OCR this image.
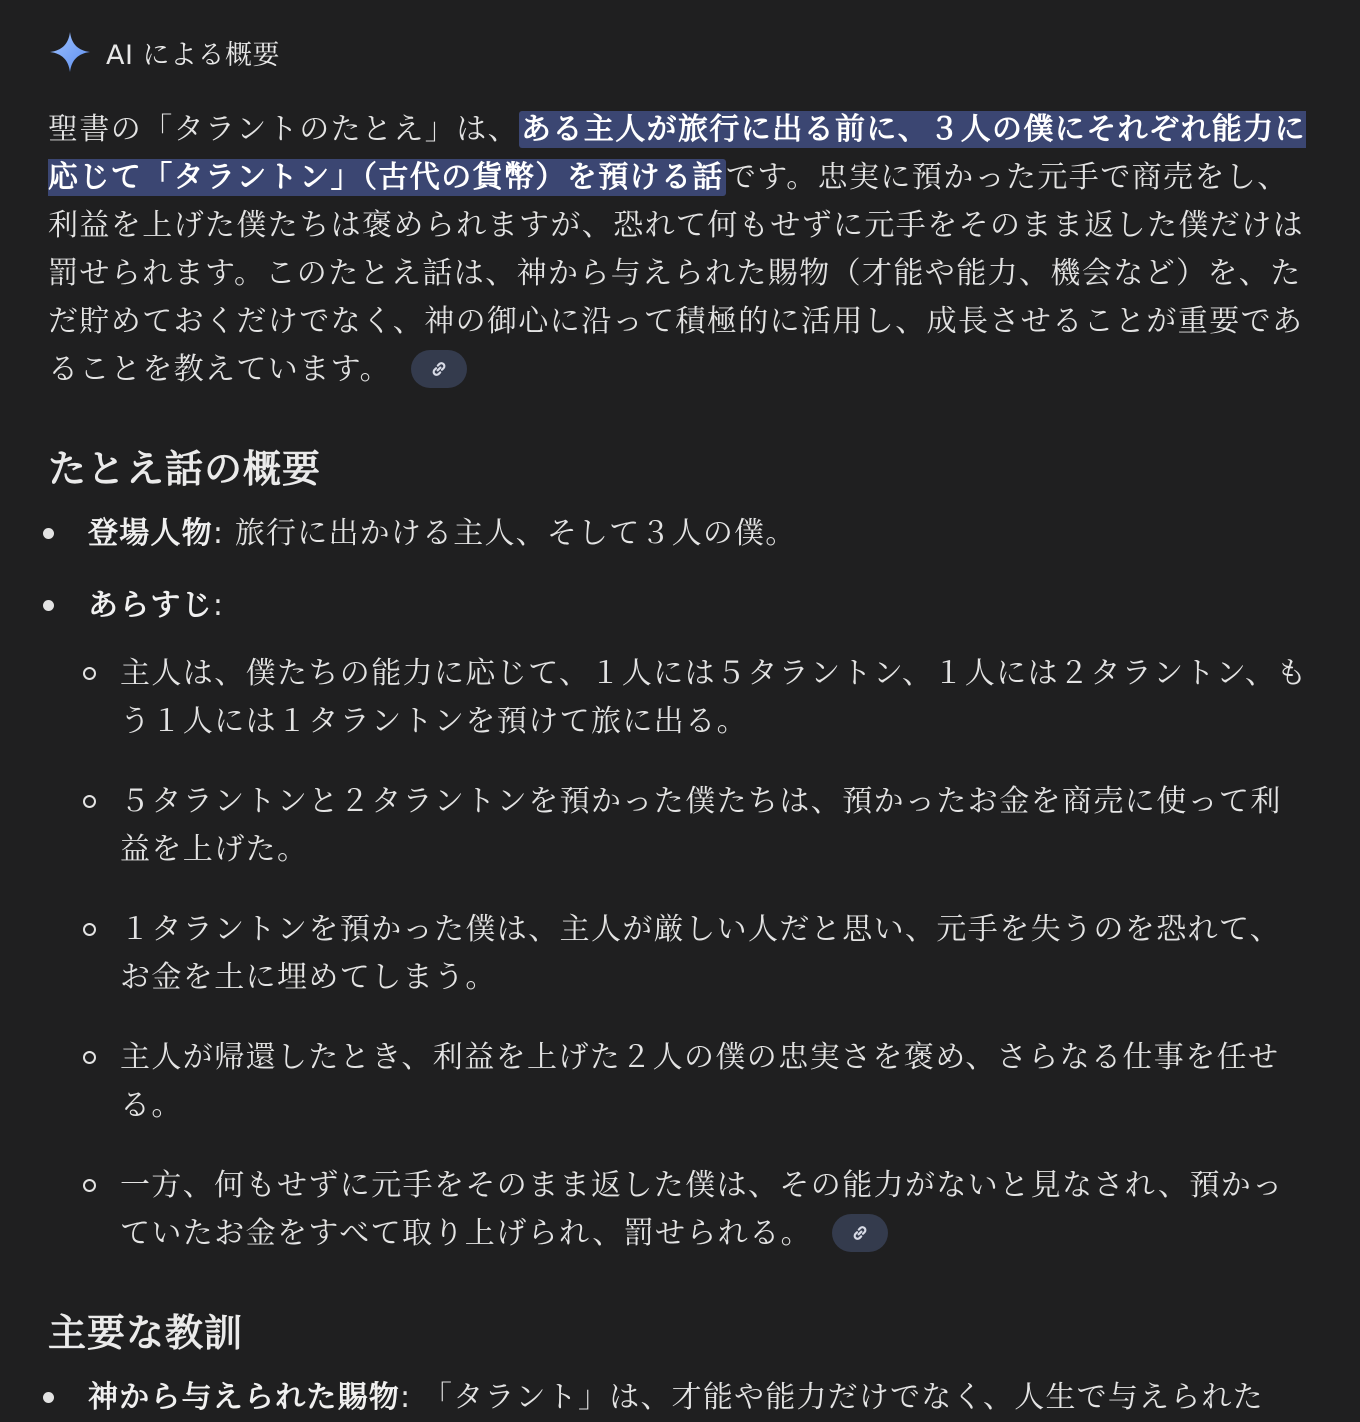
AI による概要

聖書の「タラントのたとえ」は、ある主人が旅行に出る前に、３人の僕にそれぞれ能力に応じて「タラントン」（古代の貨幣）を預ける話です。忠実に預かった元手で商売をし、利益を上げた僕たちは褒められますが、恐れて何もせずに元手をそのまま返した僕だけは罰せられます。このたとえ話は、神から与えられた賜物（才能や能力、機会など）を、ただ貯めておくだけでなく、神の御心に沿って積極的に活用し、成長させることが重要であることを教えています。

たとえ話の概要
登場人物: 旅行に出かける主人、そして３人の僕。
あらすじ:
主人は、僕たちの能力に応じて、１人には５タラントン、１人には２タラントン、もう１人には１タラントンを預けて旅に出る。
５タラントンと２タラントンを預かった僕たちは、預かったお金を商売に使って利益を上げた。
１タラントンを預かった僕は、主人が厳しい人だと思い、元手を失うのを恐れて、お金を土に埋めてしまう。
主人が帰還したとき、利益を上げた２人の僕の忠実さを褒め、さらなる仕事を任せる。
一方、何もせずに元手をそのまま返した僕は、その能力がないと見なされ、預かっていたお金をすべて取り上げられ、罰せられる。
主要な教訓
神から与えられた賜物: 「タラント」は、才能や能力だけでなく、人生で与えられた
